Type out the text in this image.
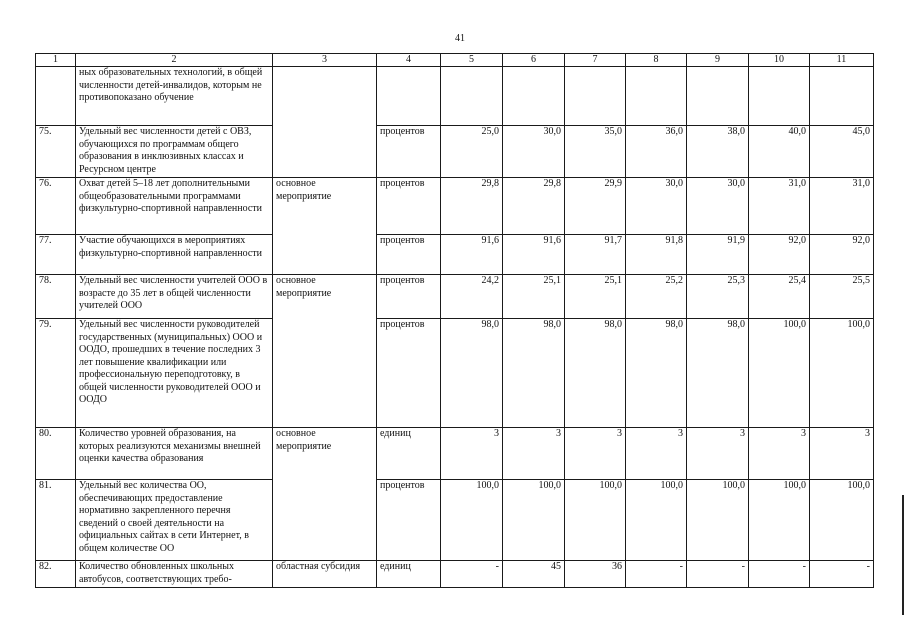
41
1	2	3	4	5	6	7	8	9	10	11
	ных образовательных технологий, в общей численности детей-инвалидов, которым не противопоказано обучение									
75.	Удельный вес численности детей с ОВЗ, обучающихся по программам общего образования в инклюзивных классах и Ресурсном центре		процентов	25,0	30,0	35,0	36,0	38,0	40,0	45,0
76.	Охват детей 5–18 лет дополнительными общеобразовательными программами физкультурно-спортивной направленности	основное мероприятие	процентов	29,8	29,8	29,9	30,0	30,0	31,0	31,0
77.	Участие обучающихся в мероприятиях физкультурно-спортивной направленности		процентов	91,6	91,6	91,7	91,8	91,9	92,0	92,0
78.	Удельный вес численности учителей ООО в возрасте до 35 лет в общей численности учителей ООО	основное мероприятие	процентов	24,2	25,1	25,1	25,2	25,3	25,4	25,5
79.	Удельный вес численности руководителей государственных (муниципальных) ООО и ООДО, прошедших в течение последних 3 лет повышение квалификации или профессиональную переподготовку, в общей численности руководителей ООО и ООДО		процентов	98,0	98,0	98,0	98,0	98,0	100,0	100,0
80.	Количество уровней образования, на которых реализуются механизмы внешней оценки качества образования	основное мероприятие	единиц	3	3	3	3	3	3	3
81.	Удельный вес количества ОО, обеспечивающих предоставление нормативно закрепленного перечня сведений о своей деятельности на официальных сайтах в сети Интернет, в общем количестве ОО		процентов	100,0	100,0	100,0	100,0	100,0	100,0	100,0
82.	Количество обновленных школьных автобусов, соответствующих требо-	областная субсидия	единиц	-	45	36	-	-	-	-
